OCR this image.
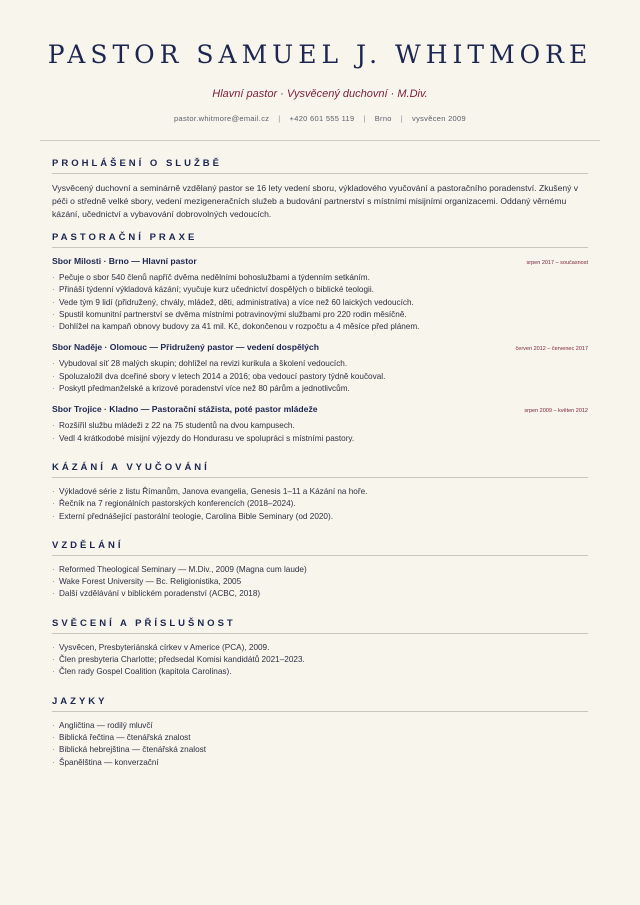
PASTOR SAMUEL J. WHITMORE
Hlavní pastor · Vysvěcený duchovní · M.Div.
pastor.whitmore@email.cz | +420 601 555 119 | Brno | vysvěcen 2009
PROHLÁŠENÍ O SLUŽBĚ

Vysvěcený duchovní a seminárně vzdělaný pastor se 16 lety vedení sboru, výkladového vyučování a pastoračního poradenství. Zkušený v péči o středně velké sbory, vedení mezigeneračních služeb a budování partnerství s místními misijními organizacemi. Oddaný věrnému kázání, učednictví a vybavování dobrovolných vedoucích.

PASTORAČNÍ PRAXE
Sbor Milosti · Brno — Hlavní pastor	srpen 2017 – současnost
· Pečuje o sbor 540 členů napříč dvěma nedělními bohoslužbami a týdenním setkáním.
· Přináší týdenní výkladová kázání; vyučuje kurz učednictví dospělých o biblické teologii.
· Vede tým 9 lidí (přidružený, chvály, mládež, děti, administrativa) a více než 60 laických vedoucích.
· Spustil komunitní partnerství se dvěma místními potravinovými službami pro 220 rodin měsíčně.
· Dohlížel na kampaň obnovy budovy za 41 mil. Kč, dokončenou v rozpočtu a 4 měsíce před plánem.
Sbor Naděje · Olomouc — Přidružený pastor — vedení dospělých	červen 2012 – červenec 2017
· Vybudoval síť 28 malých skupin; dohlížel na revizi kurikula a školení vedoucích.
· Spoluzaložil dva dceřiné sbory v letech 2014 a 2016; oba vedoucí pastory týdně koučoval.
· Poskytl předmanželské a krizové poradenství více než 80 párům a jednotlivcům.
Sbor Trojice · Kladno — Pastorační stážista, poté pastor mládeže	srpen 2009 – květen 2012
· Rozšířil službu mládeži z 22 na 75 studentů na dvou kampusech.
· Vedl 4 krátkodobé misijní výjezdy do Hondurasu ve spolupráci s místními pastory.
KÁZÁNÍ A VYUČOVÁNÍ
· Výkladové série z listu Římanům, Janova evangelia, Genesis 1–11 a Kázání na hoře.
· Řečník na 7 regionálních pastorských konferencích (2018–2024).
· Externí přednášející pastorální teologie, Carolina Bible Seminary (od 2020).
VZDĚLÁNÍ
· Reformed Theological Seminary — M.Div., 2009 (Magna cum laude)
· Wake Forest University — Bc. Religionistika, 2005
· Další vzdělávání v biblickém poradenství (ACBC, 2018)
SVĚCENÍ A PŘÍSLUŠNOST
· Vysvěcen, Presbyteriánská církev v Americe (PCA), 2009.
· Člen presbyteria Charlotte; předsedal Komisi kandidátů 2021–2023.
· Člen rady Gospel Coalition (kapitola Carolinas).
JAZYKY
· Angličtina — rodilý mluvčí
· Biblická řečtina — čtenářská znalost
· Biblická hebrejština — čtenářská znalost
· Španělština — konverzační
